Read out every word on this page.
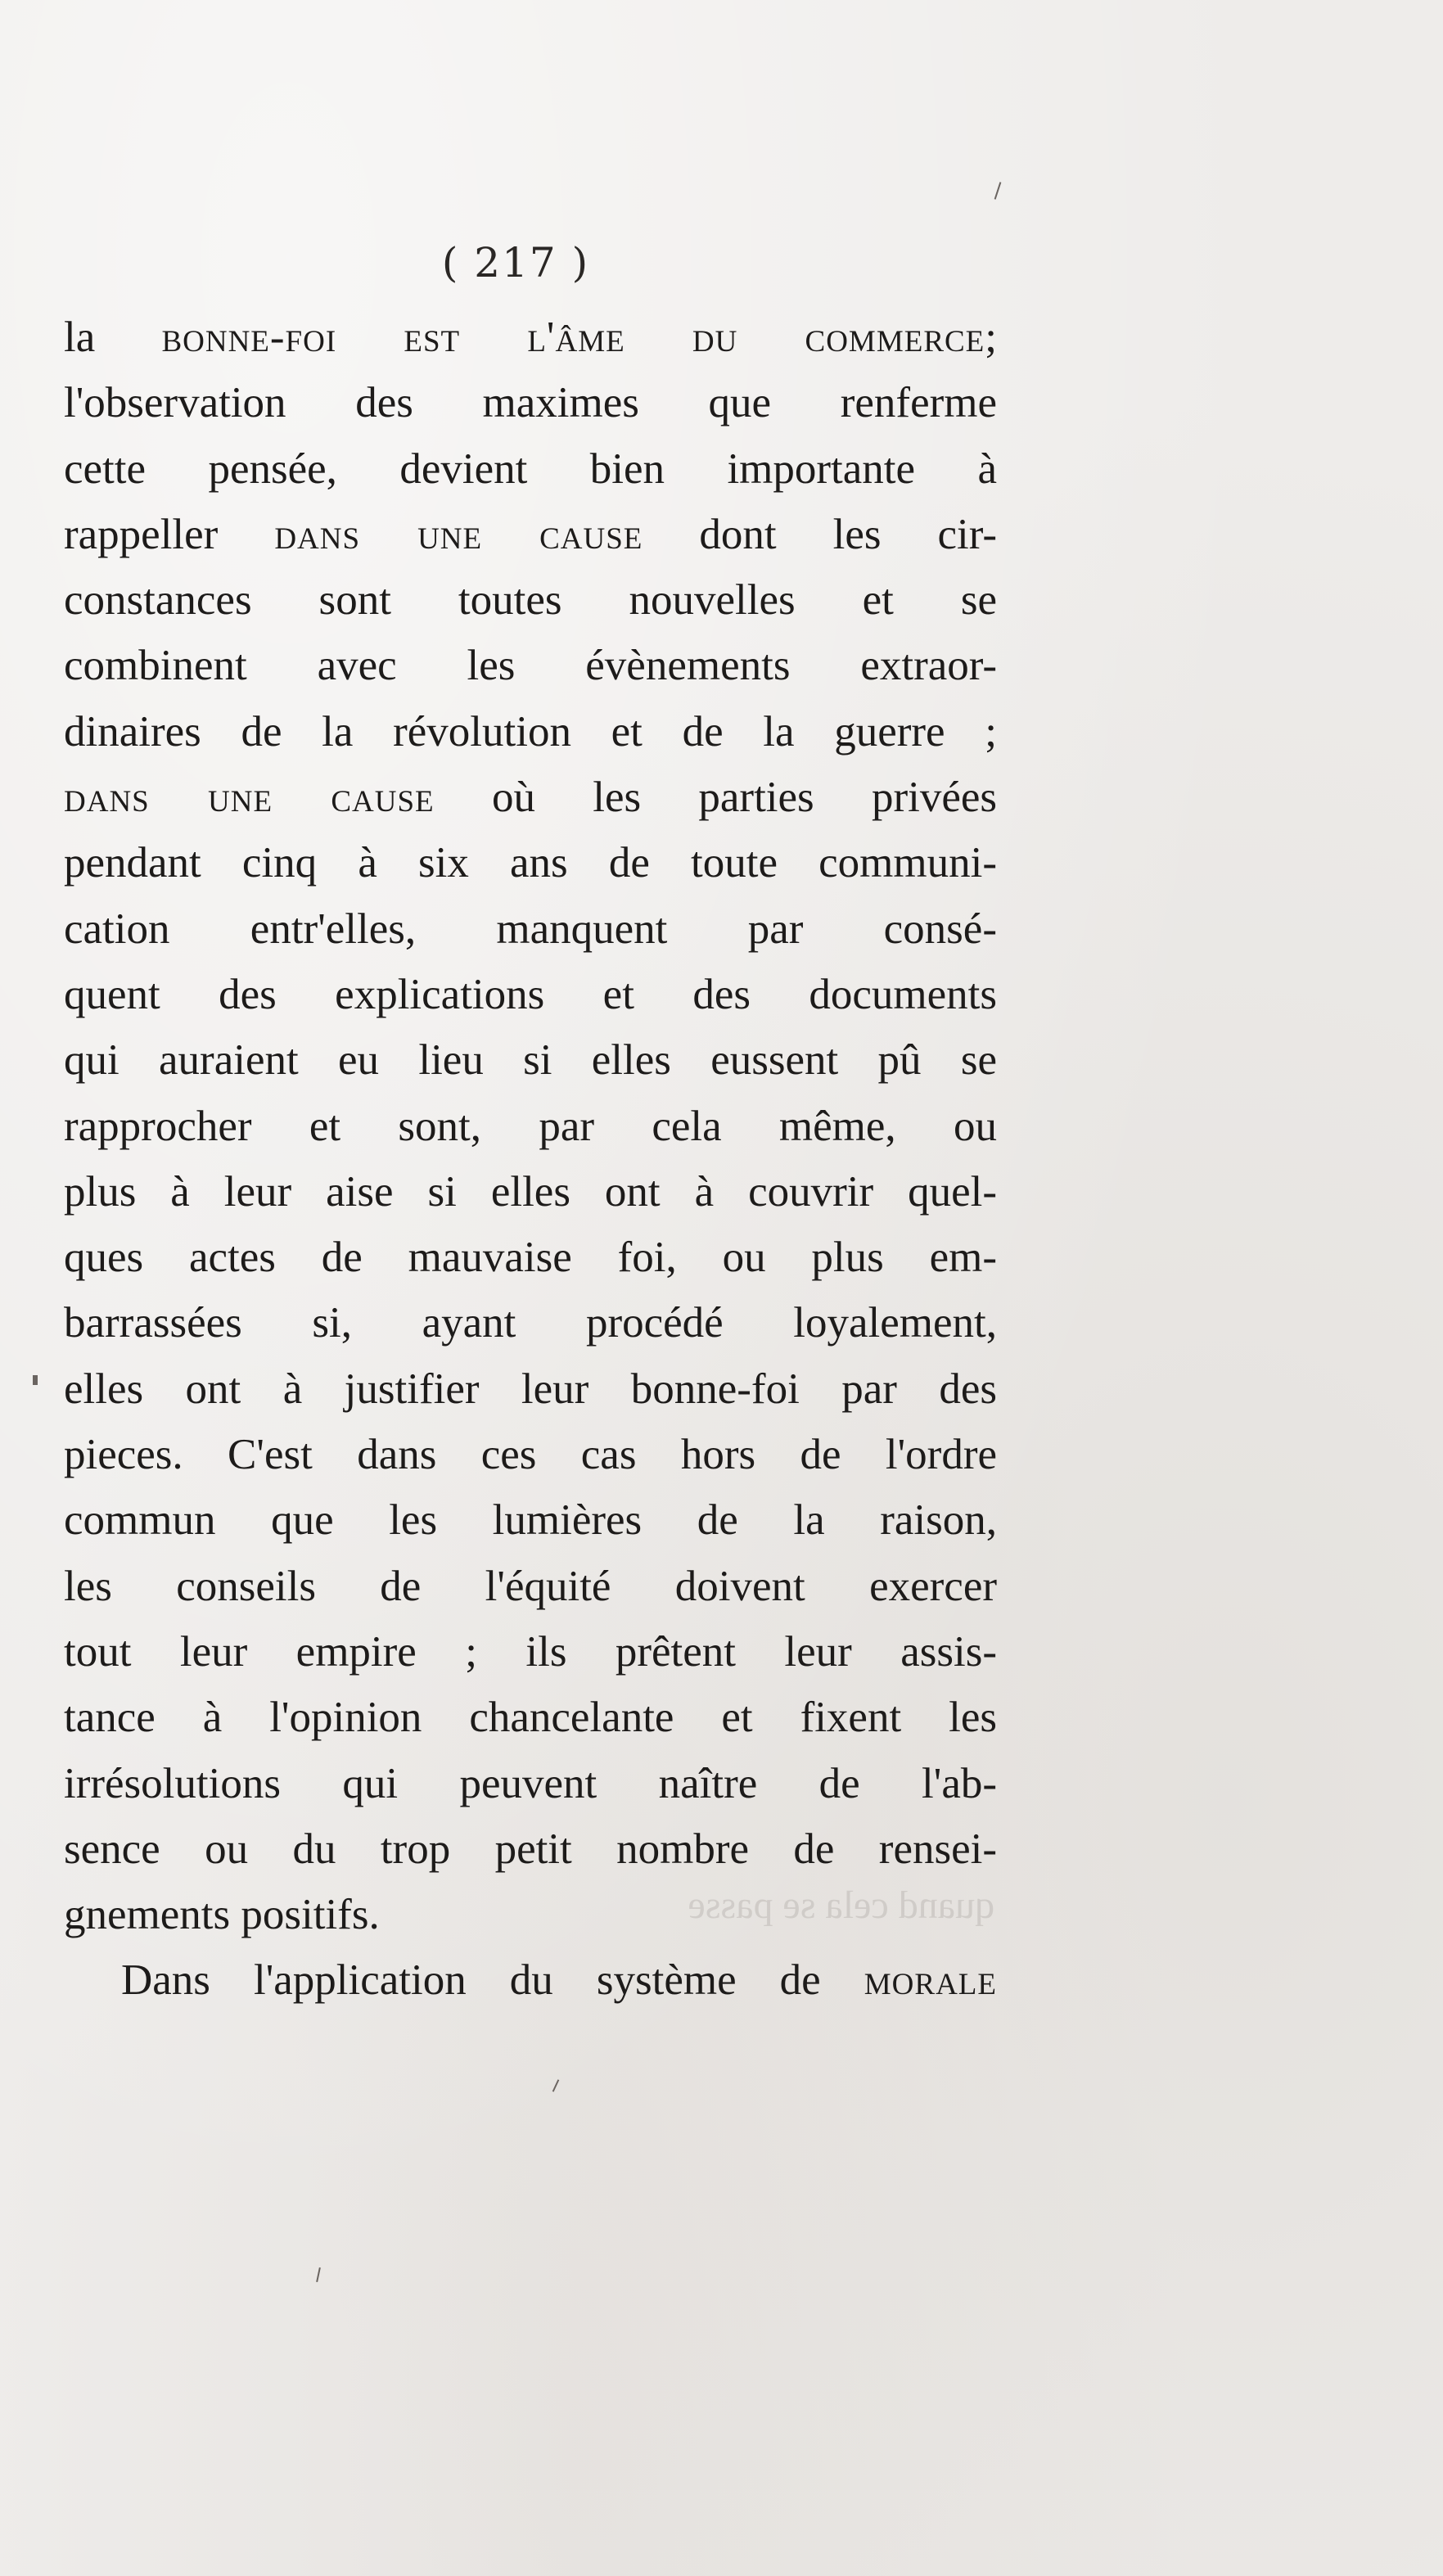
( 217 )
la bonne-foi est l'âme du commerce;
l'observation des maximes que renferme
cette pensée, devient bien importante à
rappeller dans une cause dont les cir-
constances sont toutes nouvelles et se
combinent avec les évènements extraor-
dinaires de la révolution et de la guerre ;
dans une cause où les parties privées
pendant cinq à six ans de toute communi-
cation entr'elles, manquent par consé-
quent des explications et des documents
qui auraient eu lieu si elles eussent pû se
rapprocher et sont, par cela même, ou
plus à leur aise si elles ont à couvrir quel-
ques actes de mauvaise foi, ou plus em-
barrassées si, ayant procédé loyalement,
elles ont à justifier leur bonne-foi par des
pieces. C'est dans ces cas hors de l'ordre
commun que les lumières de la raison,
les conseils de l'équité doivent exercer
tout leur empire ; ils prêtent leur assis-
tance à l'opinion chancelante et fixent les
irrésolutions qui peuvent naître de l'ab-
sence ou du trop petit nombre de rensei-
gnements positifs.
Dans l'application du système de morale
quand cela se passe
